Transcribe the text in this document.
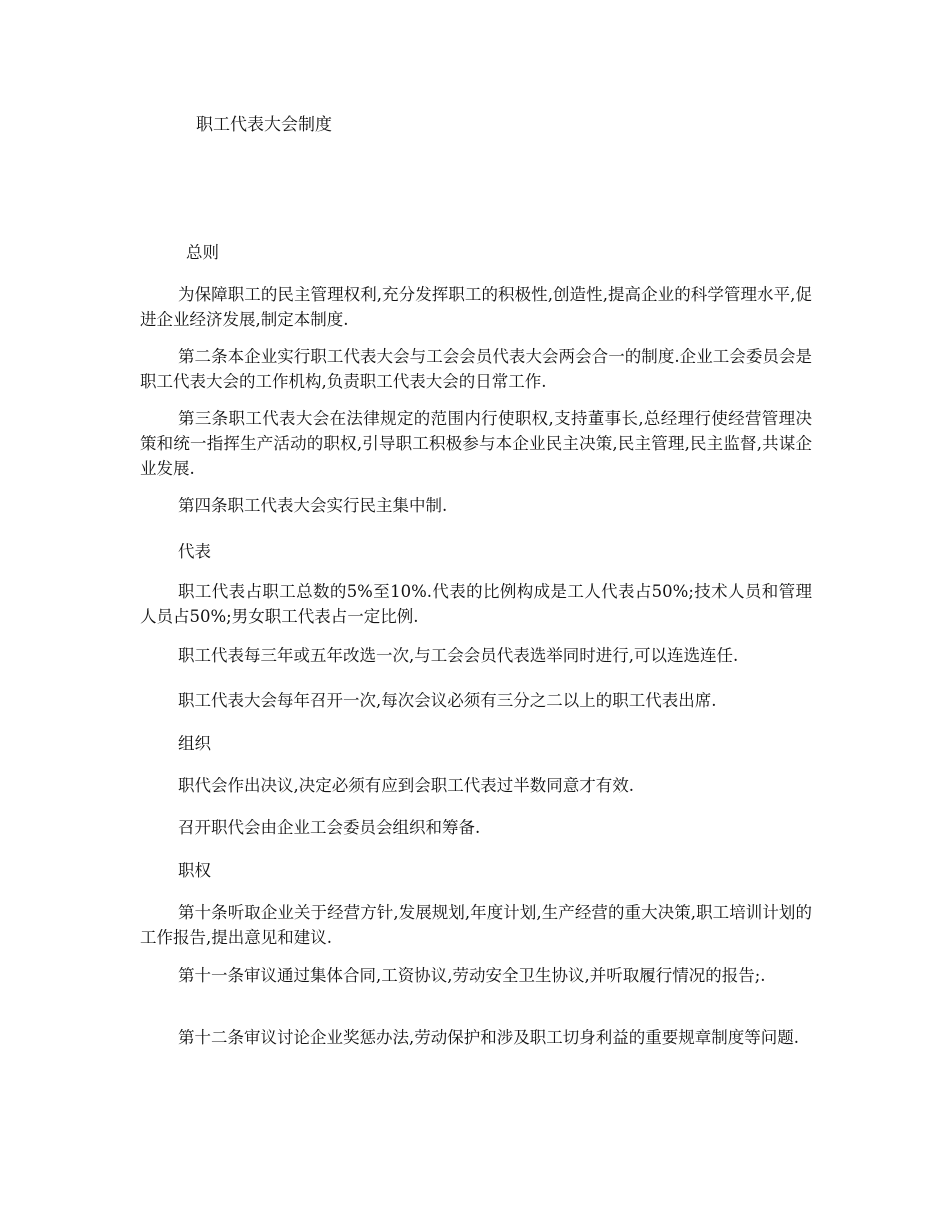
职工代表大会制度
总则
为保障职工的民主管理权利,充分发挥职工的积极性,创造性,提高企业的科学管理水平,促进企业经济发展,制定本制度.
第二条本企业实行职工代表大会与工会会员代表大会两会合一的制度.企业工会委员会是职工代表大会的工作机构,负责职工代表大会的日常工作.
第三条职工代表大会在法律规定的范围内行使职权,支持董事长,总经理行使经营管理决策和统一指挥生产活动的职权,引导职工积极参与本企业民主决策,民主管理,民主监督,共谋企业发展.
第四条职工代表大会实行民主集中制.
代表
职工代表占职工总数的5%至10%.代表的比例构成是工人代表占50%;技术人员和管理人员占50%;男女职工代表占一定比例.
职工代表每三年或五年改选一次,与工会会员代表选举同时进行,可以连选连任.
职工代表大会每年召开一次,每次会议必须有三分之二以上的职工代表出席.
组织
职代会作出决议,决定必须有应到会职工代表过半数同意才有效.
召开职代会由企业工会委员会组织和筹备.
职权
第十条听取企业关于经营方针,发展规划,年度计划,生产经营的重大决策,职工培训计划的工作报告,提出意见和建议.
第十一条审议通过集体合同,工资协议,劳动安全卫生协议,并听取履行情况的报告;.
第十二条审议讨论企业奖惩办法,劳动保护和涉及职工切身利益的重要规章制度等问题.
